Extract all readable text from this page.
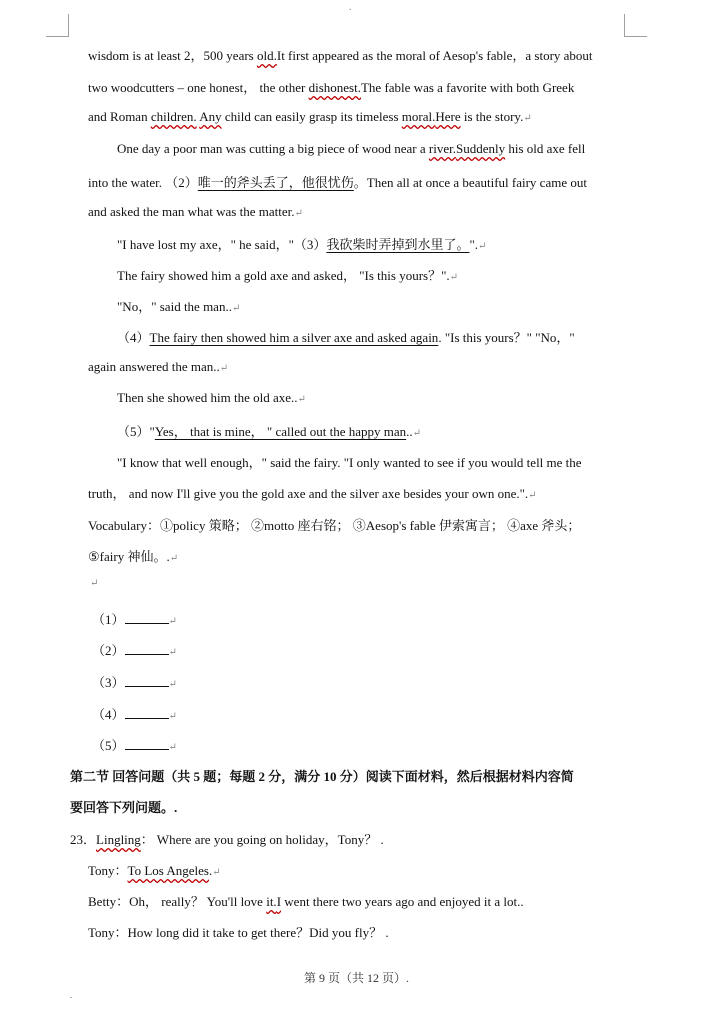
.
wisdom is at least 2，500 years old.It first appeared as the moral of Aesop's fable，a story about
two woodcutters – one honest， the other dishonest.The fable was a favorite with both Greek
and Roman children. Any child can easily grasp its timeless moral.Here is the story.↵
One day a poor man was cutting a big piece of wood near a river.Suddenly his old axe fell
into the water. （2）唯一的斧头丢了，他很忧伤。Then all at once a beautiful fairy came out
and asked the man what was the matter.↵
"I have lost my axe，" he said，"（3）我砍柴时弄掉到水里了。".↵
The fairy showed him a gold axe and asked， "Is this yours？".↵
"No，" said the man..↵
（4）The fairy then showed him a silver axe and asked again. "Is this yours？" "No，"
again answered the man..↵
Then she showed him the old axe..↵
（5）"Yes， that is mine， " called out the happy man..↵
"I know that well enough，" said the fairy. "I only wanted to see if you would tell me the
truth， and now I'll give you the gold axe and the silver axe besides your own one.".↵
Vocabulary：①policy 策略； ②motto 座右铭； ③Aesop's fable 伊索寓言； ④axe 斧头；
⑤fairy 神仙。.↵
↵
（1）	↵
（2）	↵
（3）	↵
（4）	↵
（5）	↵
第二节 回答问题（共 5 题；每题 2 分，满分 10 分）阅读下面材料，然后根据材料内容简
要回答下列问题。.
23．Lingling： Where are you going on holiday，Tony？ .
Tony：To Los Angeles.↵
Betty：Oh， really？ You'll love it.I went there two years ago and enjoyed it a lot..
Tony：How long did it take to get there？Did you fly？ .
第 9 页（共 12 页）.
.
